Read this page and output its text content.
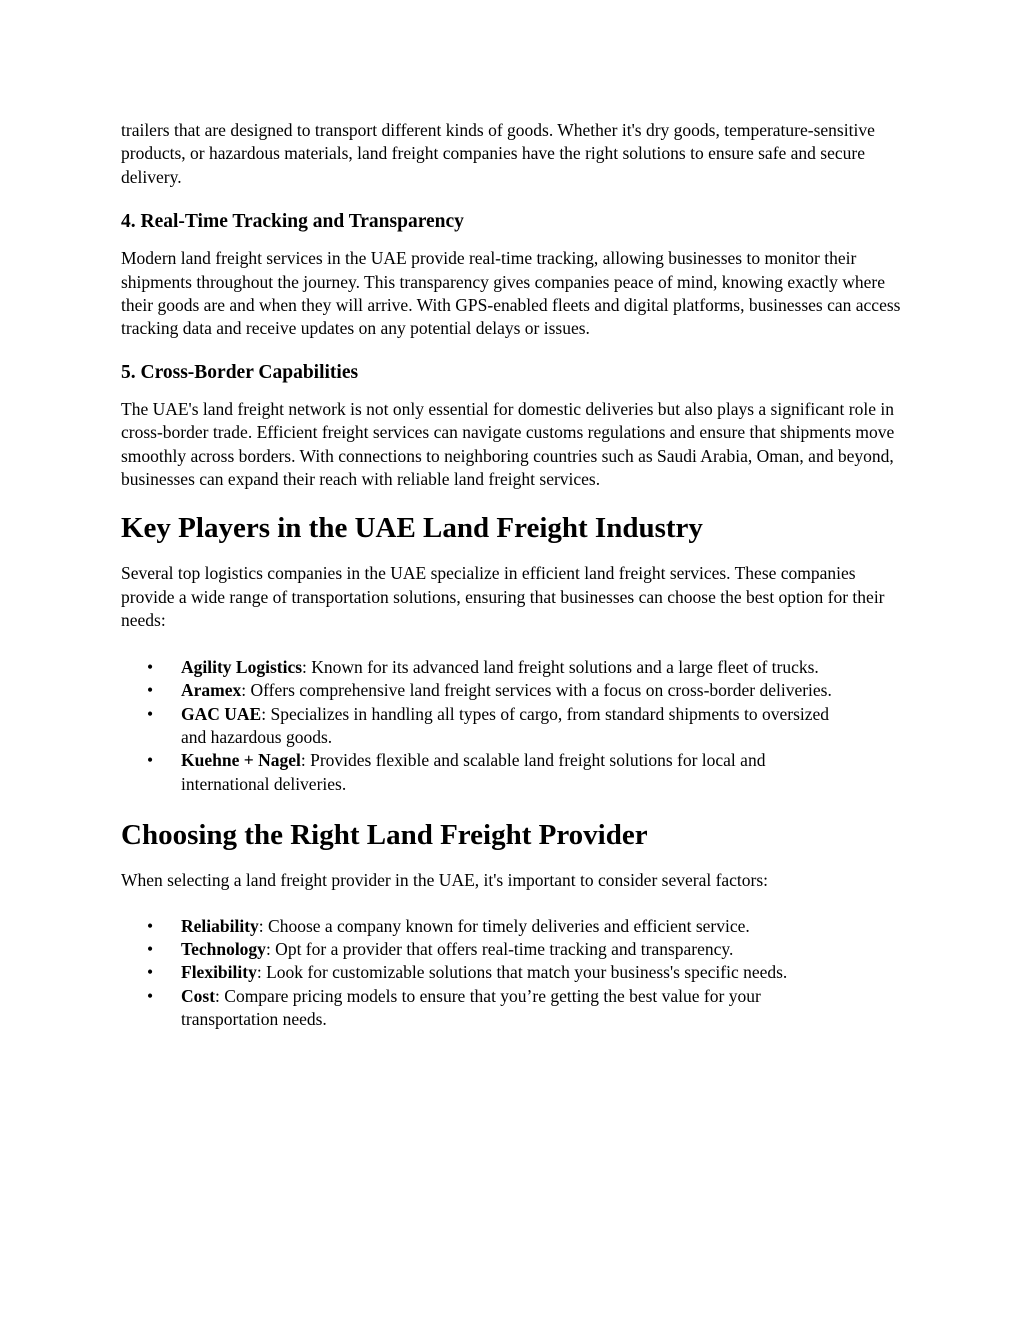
trailers that are designed to transport different kinds of goods. Whether it's dry goods, temperature-sensitive products, or hazardous materials, land freight companies have the right solutions to ensure safe and secure delivery.

4. Real-Time Tracking and Transparency

Modern land freight services in the UAE provide real-time tracking, allowing businesses to monitor their shipments throughout the journey. This transparency gives companies peace of mind, knowing exactly where their goods are and when they will arrive. With GPS-enabled fleets and digital platforms, businesses can access tracking data and receive updates on any potential delays or issues.

5. Cross-Border Capabilities

The UAE's land freight network is not only essential for domestic deliveries but also plays a significant role in cross-border trade. Efficient freight services can navigate customs regulations and ensure that shipments move smoothly across borders. With connections to neighboring countries such as Saudi Arabia, Oman, and beyond, businesses can expand their reach with reliable land freight services.

Key Players in the UAE Land Freight Industry

Several top logistics companies in the UAE specialize in efficient land freight services. These companies provide a wide range of transportation solutions, ensuring that businesses can choose the best option for their needs:

• Agility Logistics: Known for its advanced land freight solutions and a large fleet of trucks.
• Aramex: Offers comprehensive land freight services with a focus on cross-border deliveries.
• GAC UAE: Specializes in handling all types of cargo, from standard shipments to oversized and hazardous goods.
• Kuehne + Nagel: Provides flexible and scalable land freight solutions for local and international deliveries.
Choosing the Right Land Freight Provider

When selecting a land freight provider in the UAE, it's important to consider several factors:

• Reliability: Choose a company known for timely deliveries and efficient service.
• Technology: Opt for a provider that offers real-time tracking and transparency.
• Flexibility: Look for customizable solutions that match your business's specific needs.
• Cost: Compare pricing models to ensure that you’re getting the best value for your transportation needs.
